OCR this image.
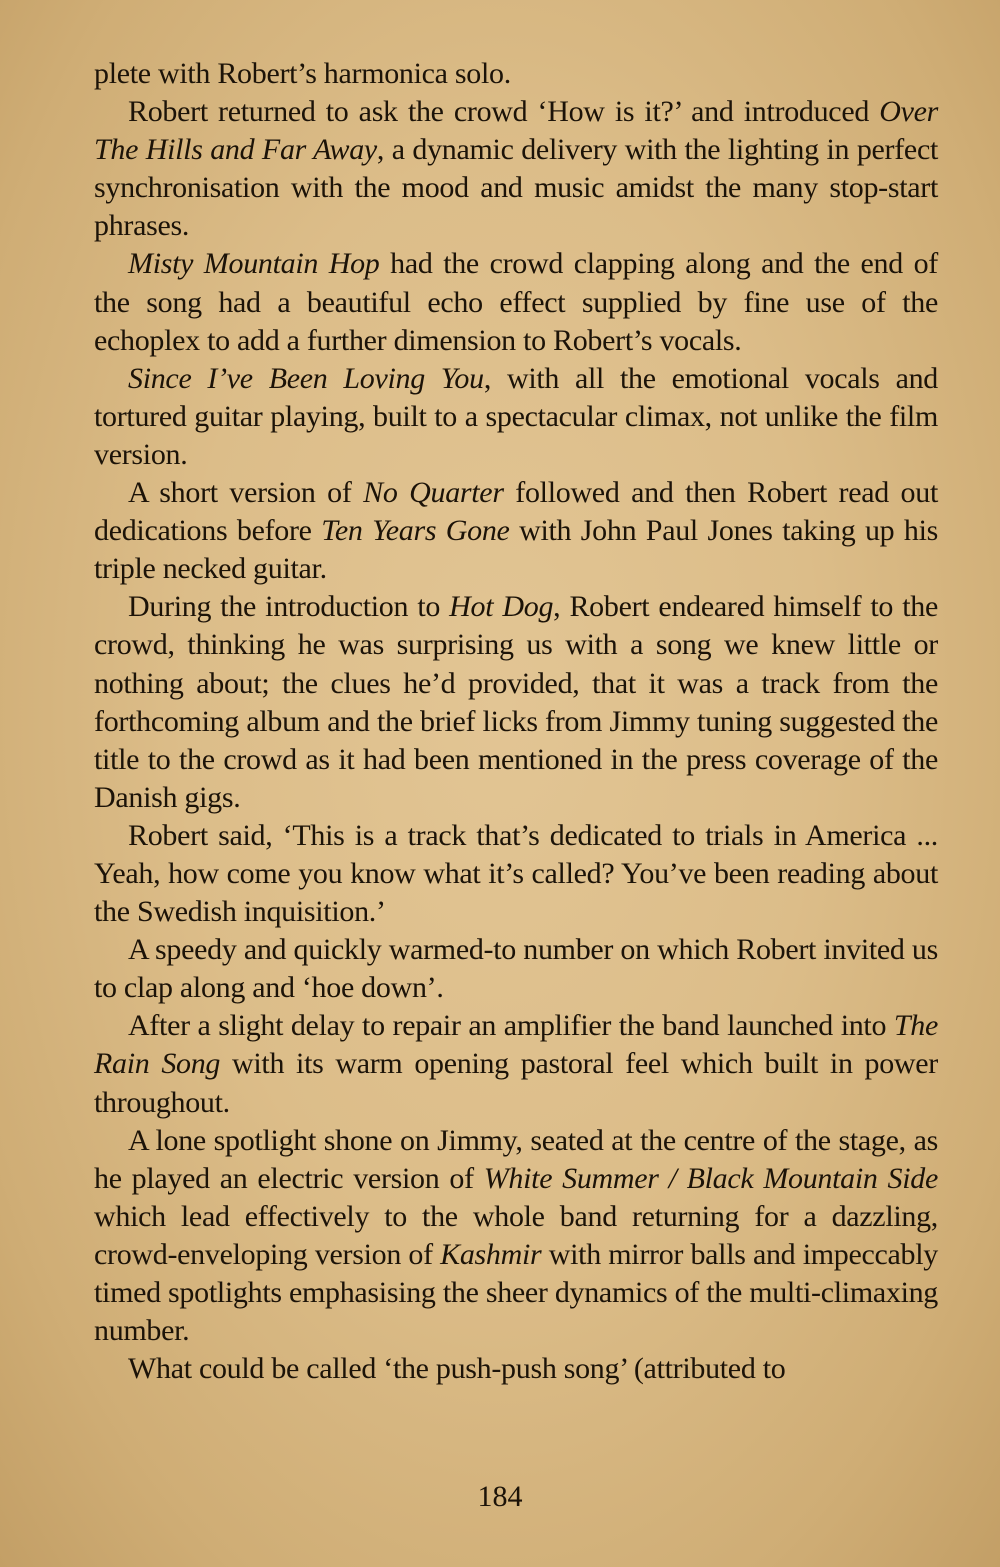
plete with Robert’s harmonica solo.

Robert returned to ask the crowd ‘How is it?’ and introduced Over The Hills and Far Away, a dynamic delivery with the lighting in perfect synchronisation with the mood and music amidst the many stop-start phrases.

Misty Mountain Hop had the crowd clapping along and the end of the song had a beautiful echo effect supplied by fine use of the echoplex to add a further dimension to Robert’s vocals.

Since I’ve Been Loving You, with all the emotional vocals and tortured guitar playing, built to a spectacular climax, not unlike the film version.

A short version of No Quarter followed and then Robert read out dedications before Ten Years Gone with John Paul Jones taking up his triple necked guitar.

During the introduction to Hot Dog, Robert endeared himself to the crowd, thinking he was surprising us with a song we knew little or nothing about; the clues he’d provided, that it was a track from the forthcoming album and the brief licks from Jimmy tuning suggested the title to the crowd as it had been mentioned in the press coverage of the Danish gigs.

Robert said, ‘This is a track that’s dedicated to trials in America ... Yeah, how come you know what it’s called? You’ve been reading about the Swedish inquisition.’

A speedy and quickly warmed-to number on which Robert invited us to clap along and ‘hoe down’.

After a slight delay to repair an amplifier the band launched into The Rain Song with its warm opening pastoral feel which built in power throughout.

A lone spotlight shone on Jimmy, seated at the centre of the stage, as he played an electric version of White Summer / Black Mountain Side which lead effectively to the whole band returning for a dazzling, crowd-enveloping version of Kashmir with mirror balls and impeccably timed spotlights emphasising the sheer dynamics of the multi-climaxing number.

What could be called ‘the push-push song’ (attributed to

184
